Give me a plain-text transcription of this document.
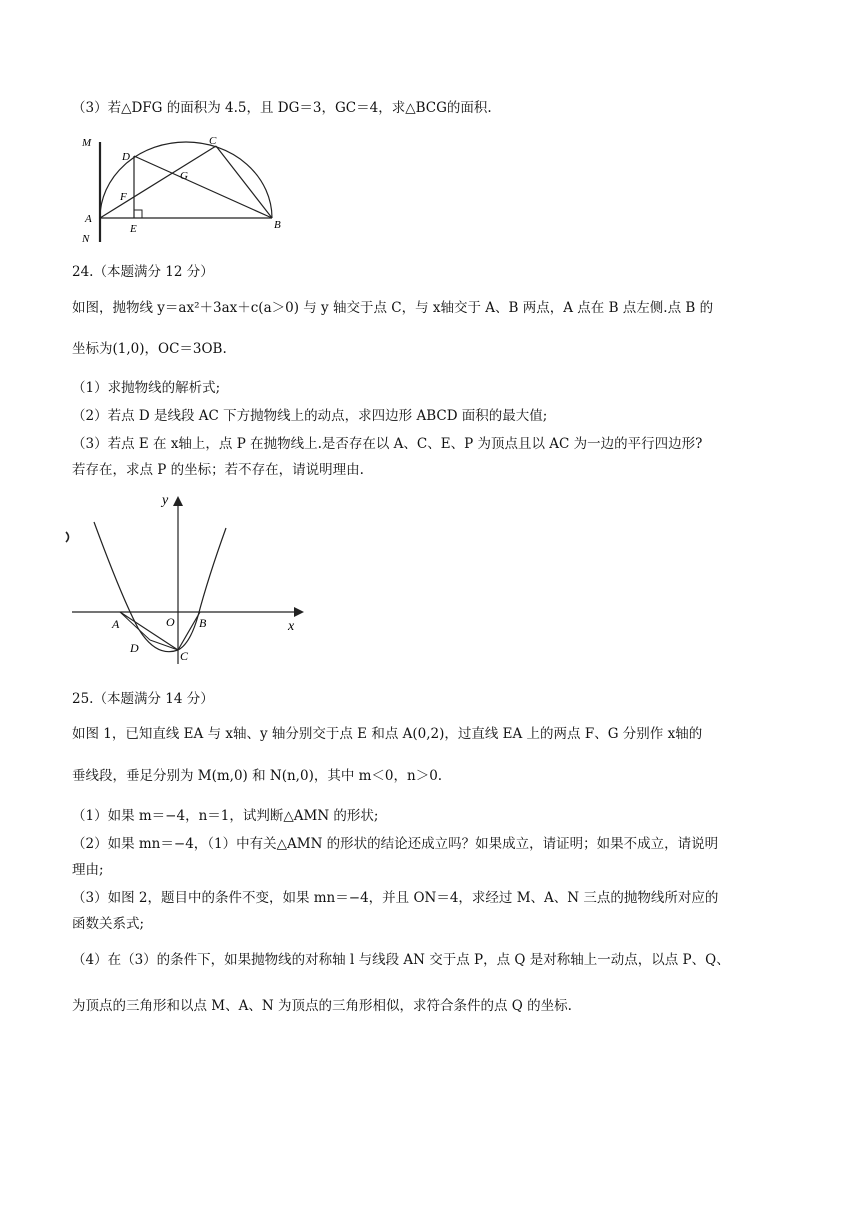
（3）若△DFG 的面积为 4.5，且 DG＝3，GC＝4，求△BCG的面积.
M
N
A	B
C
D
E
F
G
24.（本题满分 12 分）
如图，抛物线 y＝ax²＋3ax＋c(a＞0) 与 y 轴交于点 C，与 x轴交于 A、B 两点，A 点在 B 点左侧.点 B 的
坐标为(1,0)，OC＝3OB.
（1）求抛物线的解析式;
（2）若点 D 是线段 AC 下方抛物线上的动点，求四边形 ABCD 面积的最大值;
（3）若点 E 在 x轴上，点 P 在抛物线上.是否存在以 A、C、E、P 为顶点且以 AC 为一边的平行四边形?
若存在，求点 P 的坐标；若不存在，请说明理由.
y
x
A	O B
C
D
25.（本题满分 14 分）
如图 1，已知直线 EA 与 x轴、y 轴分别交于点 E 和点 A(0,2)，过直线 EA 上的两点 F、G 分别作 x轴的
垂线段，垂足分别为 M(m,0) 和 N(n,0)，其中 m＜0，n＞0.
（1）如果 m＝−4，n＝1，试判断△AMN 的形状;
（2）如果 mn＝−4，（1）中有关△AMN 的形状的结论还成立吗？如果成立，请证明；如果不成立，请说明
理由;
（3）如图 2，题目中的条件不变，如果 mn＝−4，并且 ON＝4，求经过 M、A、N 三点的抛物线所对应的
函数关系式;
（4）在（3）的条件下，如果抛物线的对称轴 l 与线段 AN 交于点 P，点 Q 是对称轴上一动点，以点 P、Q、
为顶点的三角形和以点 M、A、N 为顶点的三角形相似，求符合条件的点 Q 的坐标.
